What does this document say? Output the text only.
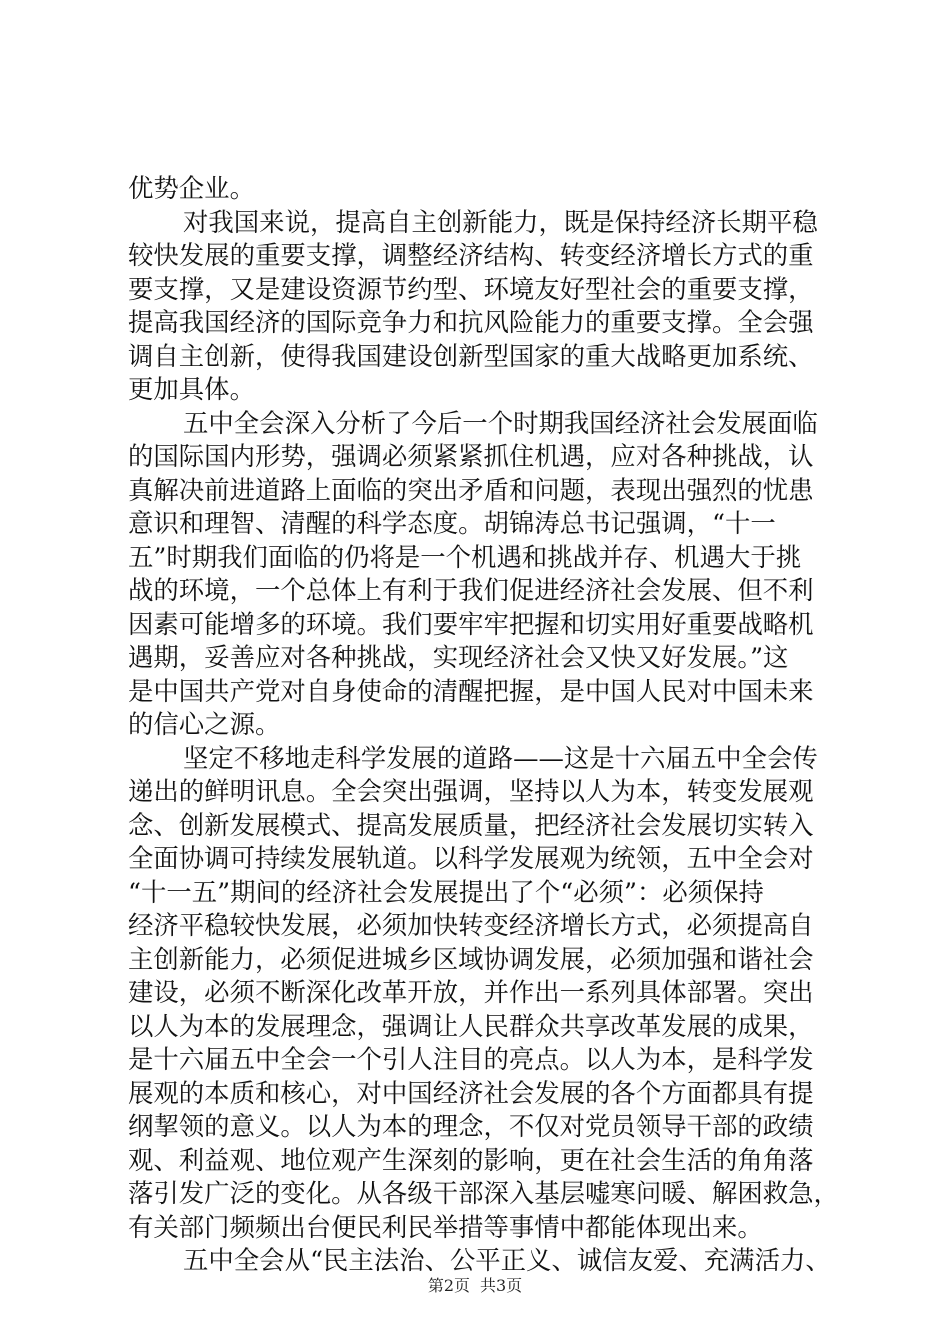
优势企业。
对我国来说，提高自主创新能力，既是保持经济长期平稳
较快发展的重要支撑，调整经济结构、转变经济增长方式的重
要支撑，又是建设资源节约型、环境友好型社会的重要支撑，
提高我国经济的国际竞争力和抗风险能力的重要支撑。全会强
调自主创新，使得我国建设创新型国家的重大战略更加系统、
更加具体。
五中全会深入分析了今后一个时期我国经济社会发展面临
的国际国内形势，强调必须紧紧抓住机遇，应对各种挑战，认
真解决前进道路上面临的突出矛盾和问题，表现出强烈的忧患
意识和理智、清醒的科学态度。胡锦涛总书记强调，“十一
五”时期我们面临的仍将是一个机遇和挑战并存、机遇大于挑
战的环境，一个总体上有利于我们促进经济社会发展、但不利
因素可能增多的环境。我们要牢牢把握和切实用好重要战略机
遇期，妥善应对各种挑战，实现经济社会又快又好发展。”这
是中国共产党对自身使命的清醒把握，是中国人民对中国未来
的信心之源。
坚定不移地走科学发展的道路——这是十六届五中全会传
递出的鲜明讯息。全会突出强调，坚持以人为本，转变发展观
念、创新发展模式、提高发展质量，把经济社会发展切实转入
全面协调可持续发展轨道。以科学发展观为统领，五中全会对
“十一五”期间的经济社会发展提出了个“必须”：必须保持
经济平稳较快发展，必须加快转变经济增长方式，必须提高自
主创新能力，必须促进城乡区域协调发展，必须加强和谐社会
建设，必须不断深化改革开放，并作出一系列具体部署。突出
以人为本的发展理念，强调让人民群众共享改革发展的成果，
是十六届五中全会一个引人注目的亮点。以人为本，是科学发
展观的本质和核心，对中国经济社会发展的各个方面都具有提
纲挈领的意义。以人为本的理念，不仅对党员领导干部的政绩
观、利益观、地位观产生深刻的影响，更在社会生活的角角落
落引发广泛的变化。从各级干部深入基层嘘寒问暖、解困救急，
有关部门频频出台便民利民举措等事情中都能体现出来。
五中全会从“民主法治、公平正义、诚信友爱、充满活力、
第2页 共3页
